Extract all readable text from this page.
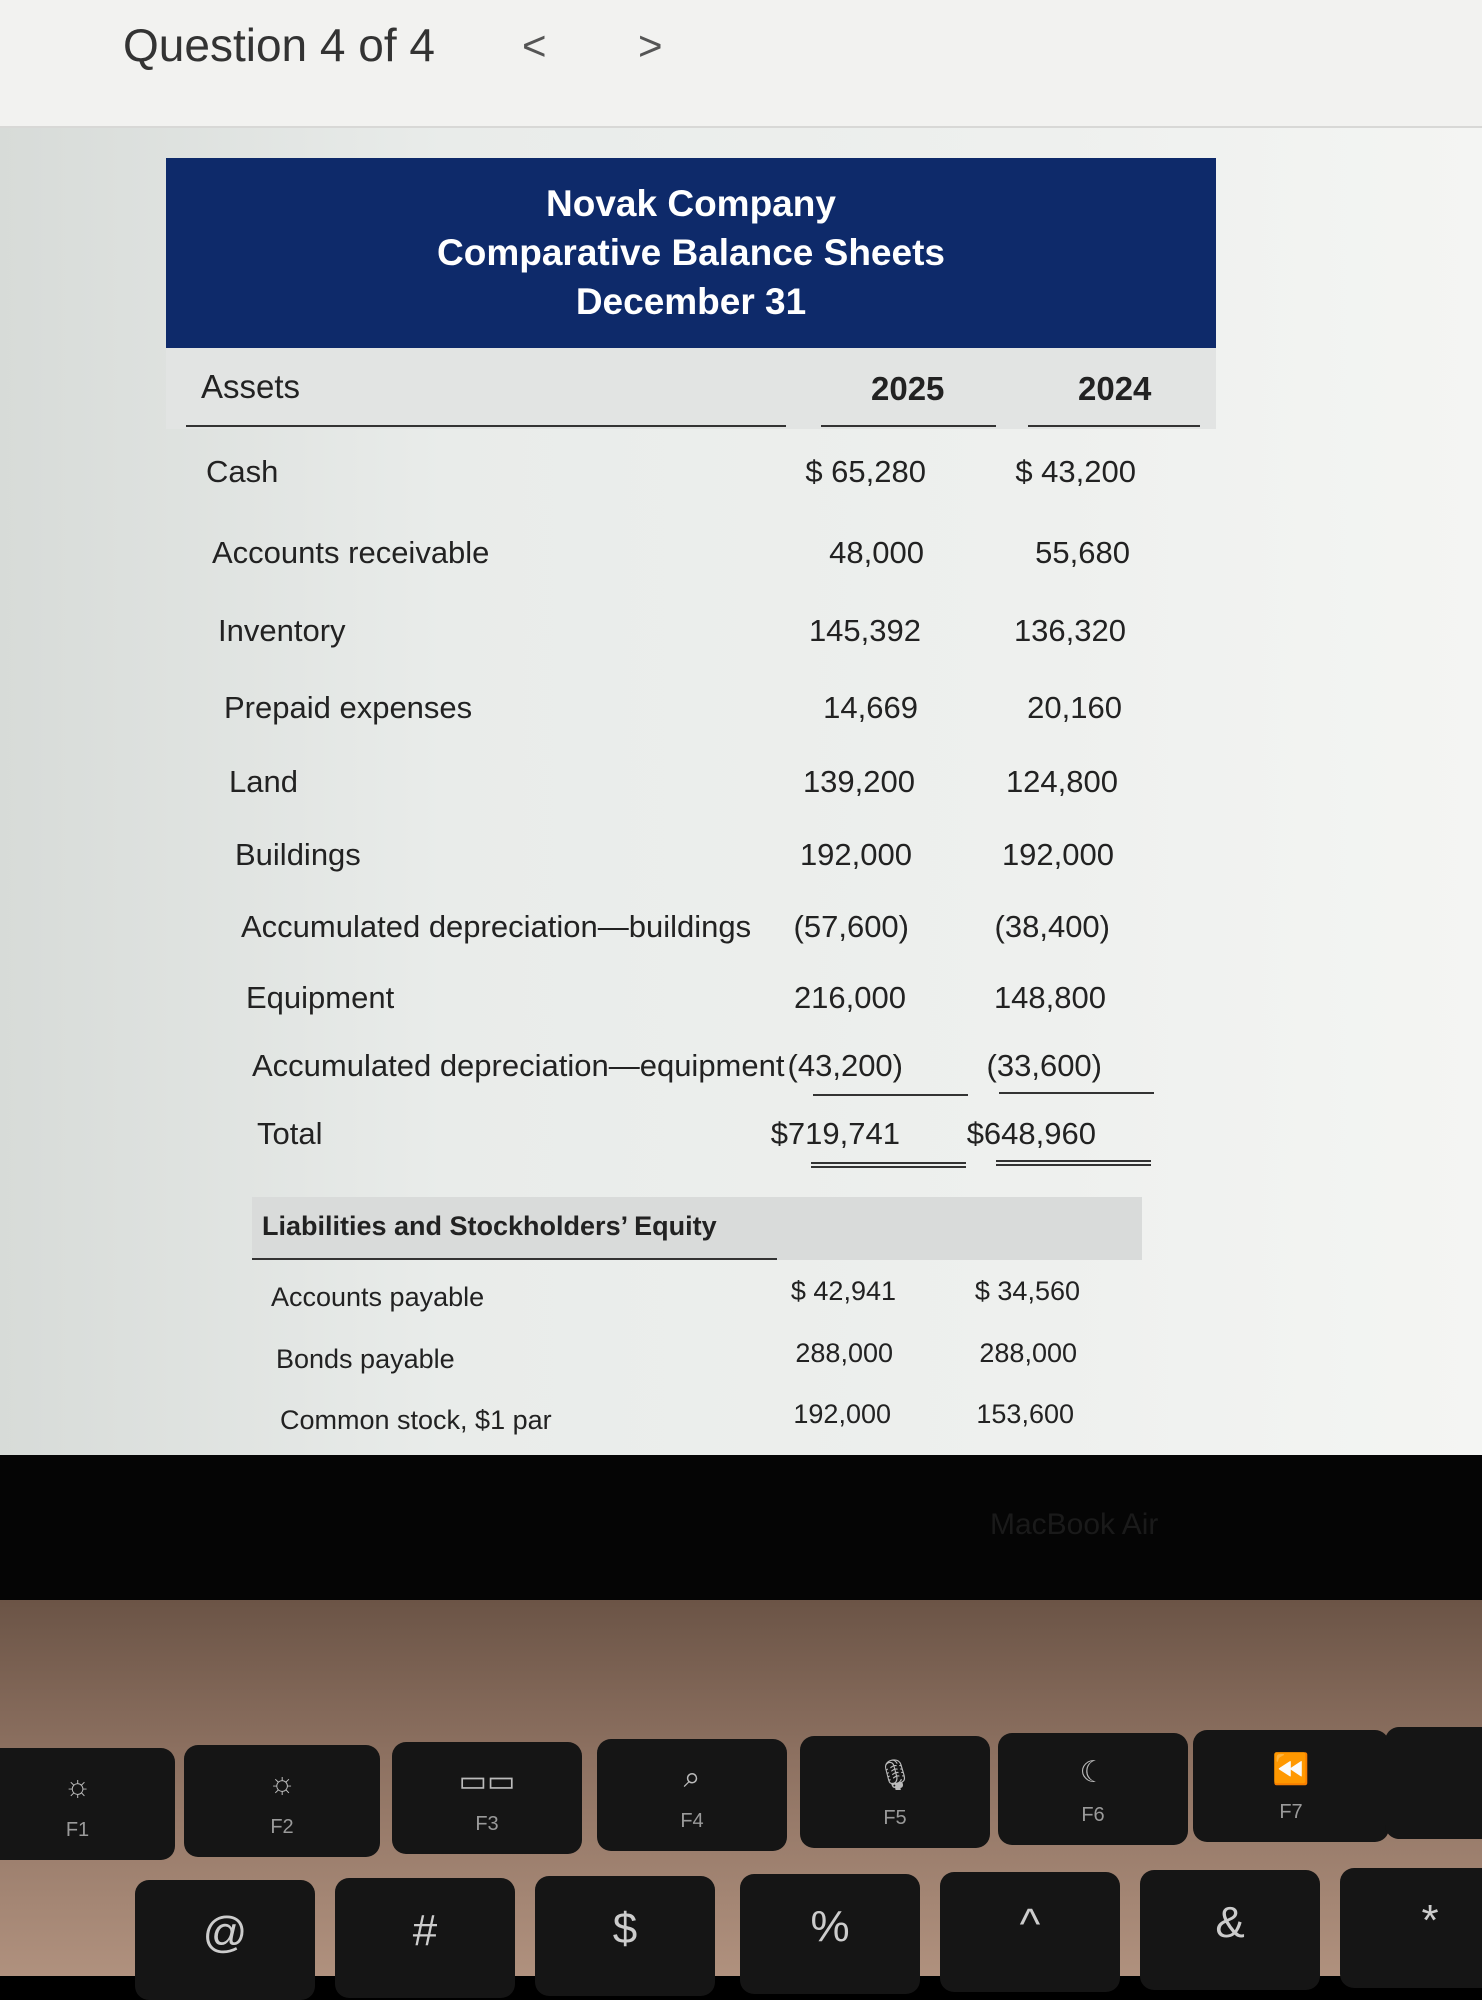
Question 4 of 4 < >
Novak Company
Comparative Balance Sheets
December 31
Assets	2025	2024
Cash	$ 65,280	$ 43,200
Accounts receivable	48,000	55,680
Inventory	145,392	136,320
Prepaid expenses	14,669	20,160
Land	139,200	124,800
Buildings	192,000	192,000
Accumulated depreciation—buildings (57,600)	(38,400)
Equipment	216,000	148,800
Accumulated depreciation—equipment (43,200)	(33,600)
Total	$719,741 $648,960
Liabilities and Stockholders’ Equity
Accounts payable	$ 42,941	$ 34,560
Bonds payable	288,000	288,000
Common stock, $1 par	192,000	153,600
MacBook Air
☼
F1
☼
F2
▭▭
F3
⌕
F4
🎙
F5
☾
F6
⏪
F7
@	#	$	%	^	&	*
